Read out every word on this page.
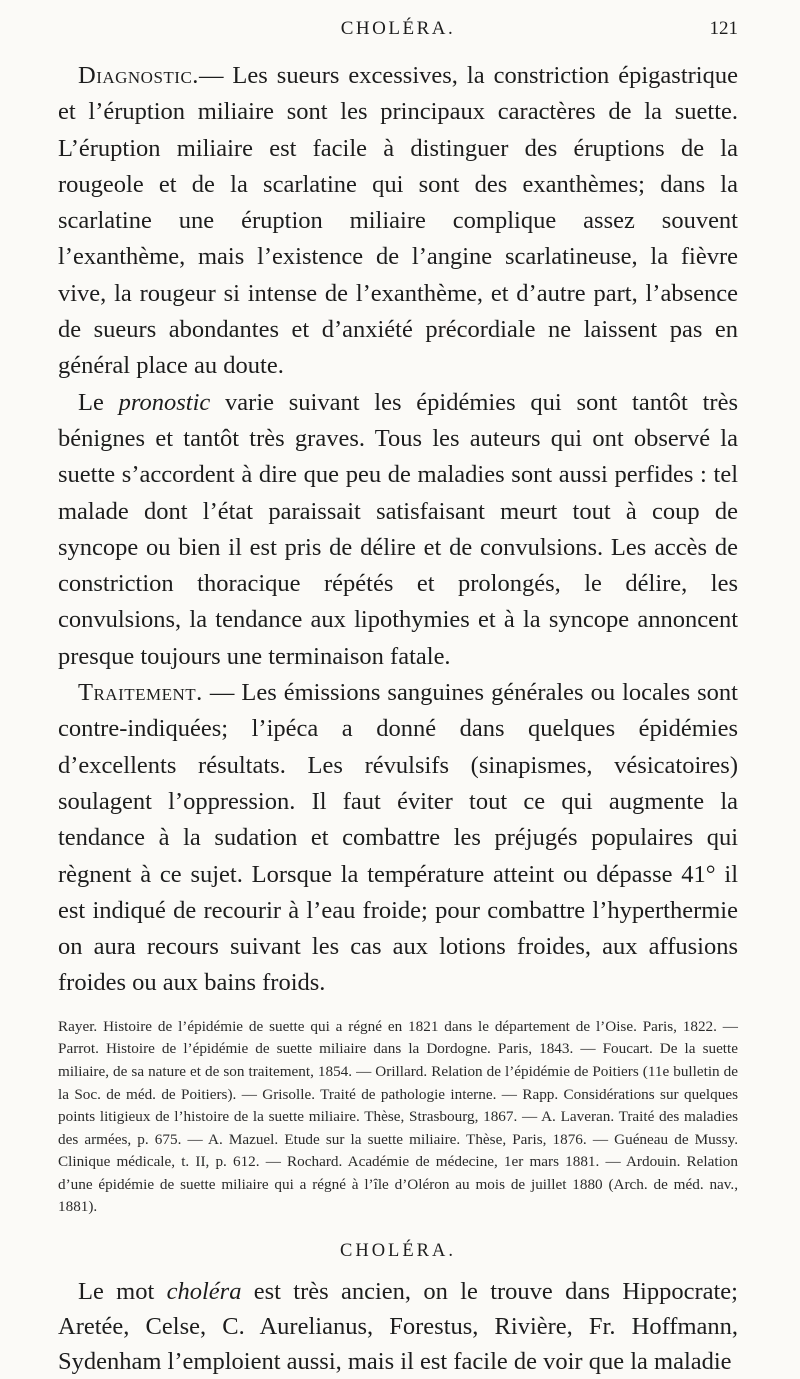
CHOLÉRA.	121

Diagnostic.— Les sueurs excessives, la constriction épigastrique et l’éruption miliaire sont les principaux caractères de la suette. L’éruption miliaire est facile à distinguer des éruptions de la rougeole et de la scarlatine qui sont des exanthèmes; dans la scarlatine une éruption miliaire complique assez souvent l’exanthème, mais l’existence de l’angine scarlatineuse, la fièvre vive, la rougeur si intense de l’exanthème, et d’autre part, l’absence de sueurs abondantes et d’anxiété précordiale ne laissent pas en général place au doute.

Le pronostic varie suivant les épidémies qui sont tantôt très bénignes et tantôt très graves. Tous les auteurs qui ont observé la suette s’accordent à dire que peu de maladies sont aussi perfides : tel malade dont l’état paraissait satisfaisant meurt tout à coup de syncope ou bien il est pris de délire et de convulsions. Les accès de constriction thoracique répétés et prolongés, le délire, les convulsions, la tendance aux lipothymies et à la syncope annoncent presque toujours une terminaison fatale.

Traitement. — Les émissions sanguines générales ou locales sont contre-indiquées; l’ipéca a donné dans quelques épidémies d’excellents résultats. Les révulsifs (sinapismes, vésicatoires) soulagent l’oppression. Il faut éviter tout ce qui augmente la tendance à la sudation et combattre les préjugés populaires qui règnent à ce sujet. Lorsque la température atteint ou dépasse 41° il est indiqué de recourir à l’eau froide; pour combattre l’hyperthermie on aura recours suivant les cas aux lotions froides, aux affusions froides ou aux bains froids.

Rayer. Histoire de l’épidémie de suette qui a régné en 1821 dans le département de l’Oise. Paris, 1822. — Parrot. Histoire de l’épidémie de suette miliaire dans la Dordogne. Paris, 1843. — Foucart. De la suette miliaire, de sa nature et de son traitement, 1854. — Orillard. Relation de l’épidémie de Poitiers (11e bulletin de la Soc. de méd. de Poitiers). — Grisolle. Traité de pathologie interne. — Rapp. Considérations sur quelques points litigieux de l’histoire de la suette miliaire. Thèse, Strasbourg, 1867. — A. Laveran. Traité des maladies des armées, p. 675. — A. Mazuel. Etude sur la suette miliaire. Thèse, Paris, 1876. — Guéneau de Mussy. Clinique médicale, t. II, p. 612. — Rochard. Académie de médecine, 1er mars 1881. — Ardouin. Relation d’une épidémie de suette miliaire qui a régné à l’île d’Oléron au mois de juillet 1880 (Arch. de méd. nav., 1881).
CHOLÉRA.

Le mot choléra est très ancien, on le trouve dans Hippocrate; Aretée, Celse, C. Aurelianus, Forestus, Rivière, Fr. Hoffmann, Sydenham l’emploient aussi, mais il est facile de voir que la maladie
